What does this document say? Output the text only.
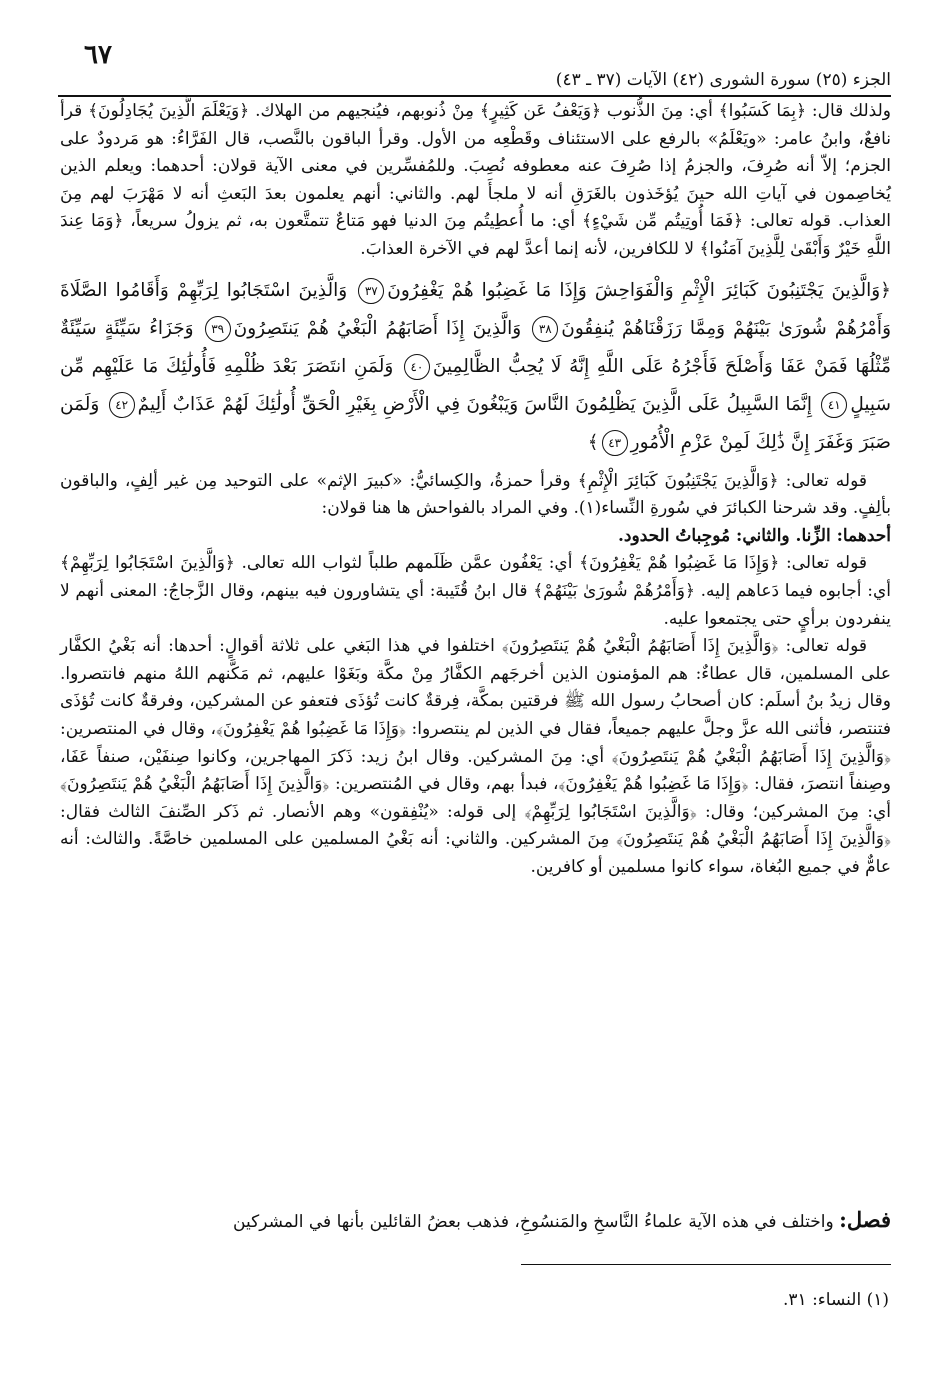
٦٧
الجزء (٢٥) سورة الشورى (٤٢) الآيات (٣٧ ـ ٤٣)

ولذلك قال: ﴿بِمَا كَسَبُوا﴾ أي: مِنَ الذُّنوب ﴿وَيَعْفُ عَن كَثِيرٍ﴾ مِنْ ذُنوبهم، فيُنجيهم من الهلاك. ﴿وَيَعْلَمَ الَّذِينَ يُجَادِلُونَ﴾ قرأ نافعٌ، وابنُ عامر: «ويَعْلَمُ» بالرفع على الاستئناف وقَطْعِه من الأول. وقرأ الباقون بالنَّصب، قال الفَرَّاءُ: هو مَردودٌ على الجزم؛ إلاّ أنه صُرِفَ، والجزمُ إذا صُرِفَ عنه معطوفه نُصِبَ. وللمُفسِّرين في معنى الآية قولان: أحدهما: ويعلم الذين يُخاصِمون في آياتِ الله حينَ يُؤخَذون بالغَرَقِ أنه لا ملجأَ لهم. والثاني: أنهم يعلمون بعدَ البَعثِ أنه لا مَهْرَبَ لهم مِنَ العذاب. قوله تعالى: ﴿فَمَا أُوتِيتُم مِّن شَيْءٍ﴾ أي: ما أُعطِيتُم مِنَ الدنيا فهو مَتاعٌ تتمتَّعون به، ثم يزولُ سريعاً، ﴿وَمَا عِندَ اللَّهِ خَيْرٌ وَأَبْقَىٰ لِلَّذِينَ آمَنُوا﴾ لا للكافرين، لأنه إنما أعدَّ لهم في الآخرة العذابَ.

﴿وَالَّذِينَ يَجْتَنِبُونَ كَبَائِرَ الْإِثْمِ وَالْفَوَاحِشَ وَإِذَا مَا غَضِبُوا هُمْ يَغْفِرُونَ٣٧ وَالَّذِينَ اسْتَجَابُوا لِرَبِّهِمْ وَأَقَامُوا الصَّلَاةَ وَأَمْرُهُمْ شُورَىٰ بَيْنَهُمْ وَمِمَّا رَزَقْنَاهُمْ يُنفِقُونَ٣٨ وَالَّذِينَ إِذَا أَصَابَهُمُ الْبَغْيُ هُمْ يَنتَصِرُونَ٣٩ وَجَزَاءُ سَيِّئَةٍ سَيِّئَةٌ مِّثْلُهَا فَمَنْ عَفَا وَأَصْلَحَ فَأَجْرُهُ عَلَى اللَّهِ إِنَّهُ لَا يُحِبُّ الظَّالِمِينَ٤٠ وَلَمَنِ انتَصَرَ بَعْدَ ظُلْمِهِ فَأُولَٰئِكَ مَا عَلَيْهِم مِّن سَبِيلٍ٤١ إِنَّمَا السَّبِيلُ عَلَى الَّذِينَ يَظْلِمُونَ النَّاسَ وَيَبْغُونَ فِي الْأَرْضِ بِغَيْرِ الْحَقِّ أُولَٰئِكَ لَهُمْ عَذَابٌ أَلِيمٌ٤٢ وَلَمَن صَبَرَ وَغَفَرَ إِنَّ ذَٰلِكَ لَمِنْ عَزْمِ الْأُمُورِ٤٣﴾

قوله تعالى: ﴿وَالَّذِينَ يَجْتَنِبُونَ كَبَائِرَ الْإِثْمِ﴾ وقرأ حمزةُ، والكِسائيُّ: «كبيرَ الإثم» على التوحيد مِن غير ألِفٍ، والباقون بألِفٍ. وقد شرحنا الكبائرَ في سُورةِ النِّساء(١). وفي المراد بالفواحش ها هنا قولان:

أحدهما: الزِّنا. والثاني: مُوجِباتُ الحدود.

قوله تعالى: ﴿وَإِذَا مَا غَضِبُوا هُمْ يَغْفِرُونَ﴾ أي: يَعْفُون عمَّن ظَلَمهم طلباً لثواب الله تعالى. ﴿وَالَّذِينَ اسْتَجَابُوا لِرَبِّهِمْ﴾ أي: أجابوه فيما دَعاهم إليه. ﴿وَأَمْرُهُمْ شُورَىٰ بَيْنَهُمْ﴾ قال ابنُ قُتَيبة: أي يتشاورون فيه بينهم، وقال الزَّجاجُ: المعنى أنهم لا ينفردون برأيٍ حتى يجتمعوا عليه.

قوله تعالى: ﴿وَالَّذِينَ إِذَا أَصَابَهُمُ الْبَغْيُ هُمْ يَنتَصِرُونَ﴾ اختلفوا في هذا البَغي على ثلاثة أقوالٍ: أحدها: أنه بَغْيُ الكفَّار على المسلمين، قال عطاءٌ: هم المؤمنون الذين أخرجَهم الكفَّارُ مِنْ مكَّة وبَغَوْا عليهم، ثم مَكَّنهم اللهُ منهم فانتصروا. وقال زيدُ بنُ أسلَم: كان أصحابُ رسول الله ﷺ فرقتين بمكَّة، فِرقةٌ كانت تُؤذَى فتعفو عن المشركين، وفرقةٌ كانت تُؤذَى فتنتصر، فأثنى الله عزَّ وجلَّ عليهم جميعاً، فقال في الذين لم ينتصروا: ﴿وَإِذَا مَا غَضِبُوا هُمْ يَغْفِرُونَ﴾، وقال في المنتصرين: ﴿وَالَّذِينَ إِذَا أَصَابَهُمُ الْبَغْيُ هُمْ يَنتَصِرُونَ﴾ أي: مِنَ المشركين. وقال ابنُ زيد: ذَكرَ المهاجرين، وكانوا صِنفَيْن، صنفاً عَفَا، وصِنفاً انتصرَ، فقال: ﴿وَإِذَا مَا غَضِبُوا هُمْ يَغْفِرُونَ﴾، فبدأ بهم، وقال في المُنتصرين: ﴿وَالَّذِينَ إِذَا أَصَابَهُمُ الْبَغْيُ هُمْ يَنتَصِرُونَ﴾ أي: مِنَ المشركين؛ وقال: ﴿وَالَّذِينَ اسْتَجَابُوا لِرَبِّهِمْ﴾ إلى قوله: «يُنْفِقون» وهم الأنصار. ثم ذَكر الصِّنفَ الثالث فقال: ﴿وَالَّذِينَ إِذَا أَصَابَهُمُ الْبَغْيُ هُمْ يَنتَصِرُونَ﴾ مِنَ المشركين. والثاني: أنه بَغْيُ المسلمين على المسلمين خاصَّةً. والثالث: أنه عامٌّ في جميع البُغاة، سواء كانوا مسلمين أو كافرين.

فصل: واختلف في هذه الآية علماءُ النَّاسخِ والمَنسُوخِ، فذهب بعضُ القائلين بأنها في المشركين
(١) النساء: ٣١.
